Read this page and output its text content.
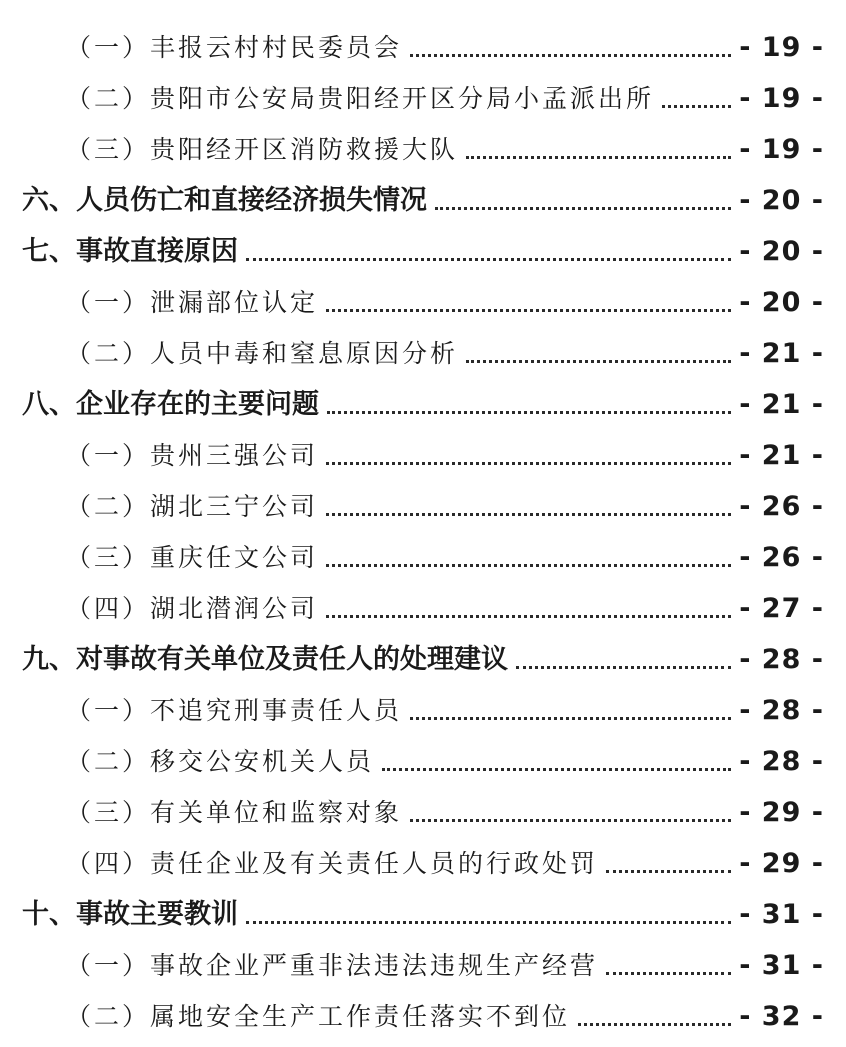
（一）丰报云村村民委员会	- 19 -
（二）贵阳市公安局贵阳经开区分局小孟派出所	- 19 -
（三）贵阳经开区消防救援大队	- 19 -
六、人员伤亡和直接经济损失情况	- 20 -
七、事故直接原因	- 20 -
（一）泄漏部位认定	- 20 -
（二）人员中毒和窒息原因分析	- 21 -
八、企业存在的主要问题	- 21 -
（一）贵州三强公司	- 21 -
（二）湖北三宁公司	- 26 -
（三）重庆任文公司	- 26 -
（四）湖北潜润公司	- 27 -
九、对事故有关单位及责任人的处理建议	- 28 -
（一）不追究刑事责任人员	- 28 -
（二）移交公安机关人员	- 28 -
（三）有关单位和监察对象	- 29 -
（四）责任企业及有关责任人员的行政处罚	- 29 -
十、事故主要教训	- 31 -
（一）事故企业严重非法违法违规生产经营	- 31 -
（二）属地安全生产工作责任落实不到位	- 32 -
